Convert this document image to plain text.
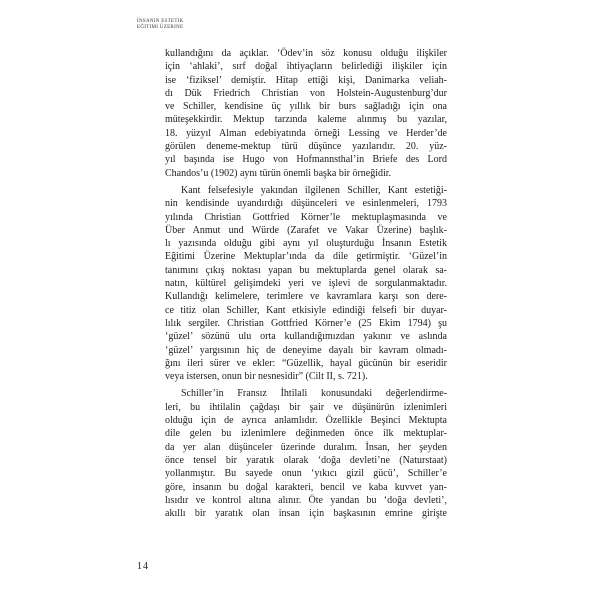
İNSANIN ESTETIK
EĞITIMI ÜZERINE
kullandığını da açıklar. ‘Ödev’in söz konusu olduğu ilişkiler
için ‘ahlaki’, sırf doğal ihtiyaçların belirlediği ilişkiler için
ise ‘fiziksel’ demiştir. Hitap ettiği kişi, Danimarka veliah-
dı Dük Friedrich Christian von Holstein-Augustenburg’dur
ve Schiller, kendisine üç yıllık bir burs sağladığı için ona
müteşekkirdir. Mektup tarzında kaleme alınmış bu yazılar,
18. yüzyıl Alman edebiyatında örneği Lessing ve Herder’de
görülen deneme-mektup türü düşünce yazılarıdır. 20. yüz-
yıl başında ise Hugo von Hofmannsthal’in Briefe des Lord
Chandos’u (1902) aynı türün önemli başka bir örneğidir.
Kant felsefesiyle yakından ilgilenen Schiller, Kant estetiği-
nin kendisinde uyandırdığı düşünceleri ve esinlenmeleri, 1793
yılında Christian Gottfried Körner’le mektuplaşmasında ve
Über Anmut und Würde (Zarafet ve Vakar Üzerine) başlık-
lı yazısında olduğu gibi aynı yıl oluşturduğu İnsanın Estetik
Eğitimi Üzerine Mektuplar’ında da dile getirmiştir. ‘Güzel’in
tanımını çıkış noktası yapan bu mektuplarda genel olarak sa-
natın, kültürel gelişimdeki yeri ve işlevi de sorgulanmaktadır.
Kullandığı kelimelere, terimlere ve kavramlara karşı son dere-
ce titiz olan Schiller, Kant etkisiyle edindiği felsefi bir duyar-
lılık sergiler. Christian Gottfried Körner’e (25 Ekim 1794) şu
‘güzel’ sözünü ulu orta kullandığımızdan yakınır ve aslında
‘güzel’ yargısının hiç de deneyime dayalı bir kavram olmadı-
ğını ileri sürer ve ekler: “Güzellik, hayal gücünün bir eseridir
veya istersen, onun bir nesnesidir” (Cilt II, s. 721).
Schiller’in Fransız İhtilali konusundaki değerlendirme-
leri, bu ihtilalin çağdaşı bir şair ve düşünürün izlenimleri
olduğu için de ayrıca anlamlıdır. Özellikle Beşinci Mektupta
dile gelen bu izlenimlere değinmeden önce ilk mektuplar-
da yer alan düşünceler üzerinde duralım. İnsan, her şeyden
önce tensel bir yaratık olarak ‘doğa devleti’ne (Naturstaat)
yollanmıştır. Bu sayede onun ‘yıkıcı gizil gücü’, Schiller’e
göre, insanın bu doğal karakteri, bencil ve kaba kuvvet yan-
lısıdır ve kontrol altına alınır. Öte yandan bu ‘doğa devleti’,
akıllı bir yaratık olan insan için başkasının emrine girişte
14
